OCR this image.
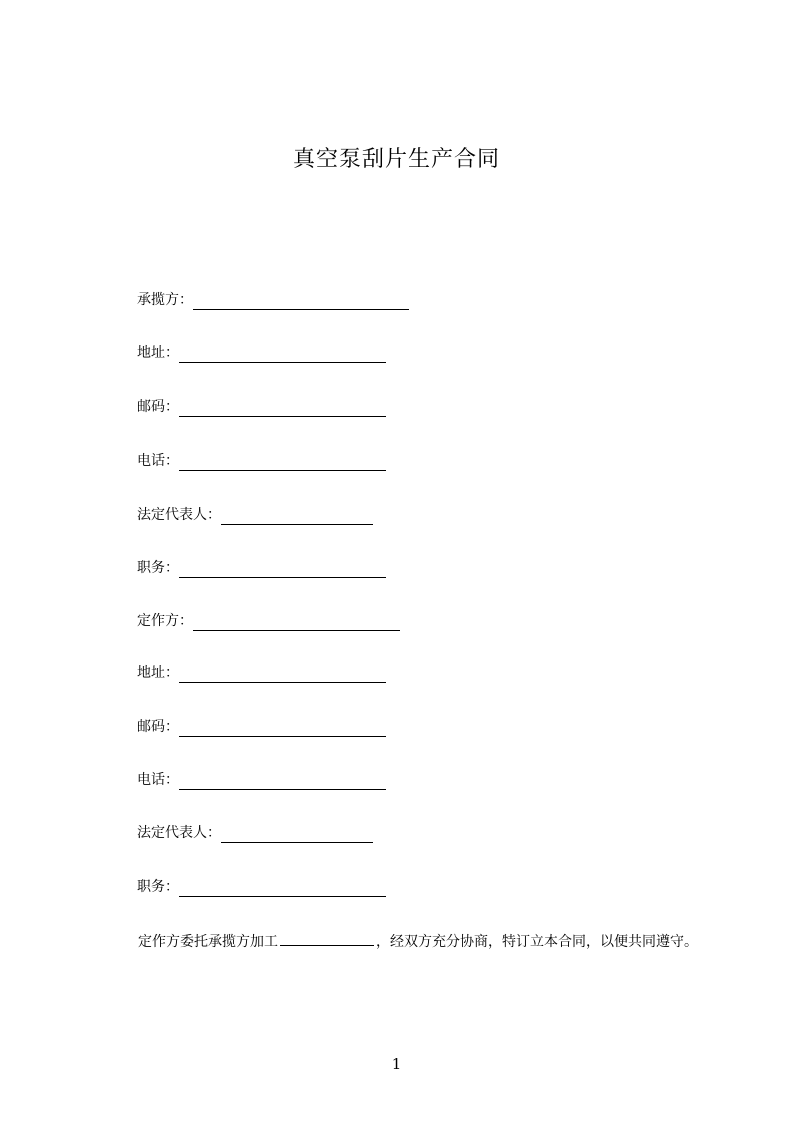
真空泵刮片生产合同
承揽方：
地址：
邮码：
电话：
法定代表人：
职务：
定作方：
地址：
邮码：
电话：
法定代表人：
职务：
定作方委托承揽方加工	，经双方充分协商，特订立本合同，以便共同遵守。
1
